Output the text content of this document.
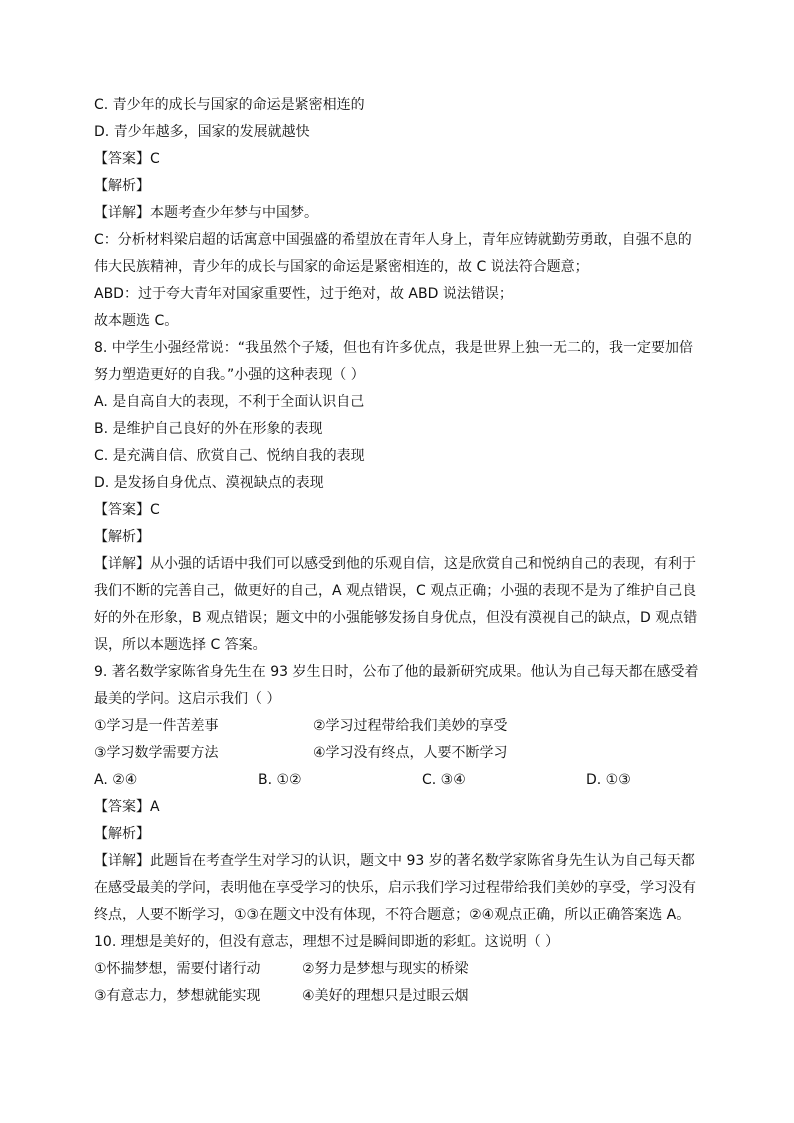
C. 青少年的成长与国家的命运是紧密相连的
D. 青少年越多，国家的发展就越快
【答案】C
【解析】
【详解】本题考查少年梦与中国梦。
C：分析材料梁启超的话寓意中国强盛的希望放在青年人身上，青年应铸就勤劳勇敢，自强不息的
伟大民族精神，青少年的成长与国家的命运是紧密相连的，故 C 说法符合题意；
ABD：过于夸大青年对国家重要性，过于绝对，故 ABD 说法错误；
故本题选 C。
8. 中学生小强经常说：“我虽然个子矮，但也有许多优点，我是世界上独一无二的，我一定要加倍
努力塑造更好的自我。”小强的这种表现（ ）
A. 是自高自大的表现，不利于全面认识自己
B. 是维护自己良好的外在形象的表现
C. 是充满自信、欣赏自己、悦纳自我的表现
D. 是发扬自身优点、漠视缺点的表现
【答案】C
【解析】
【详解】从小强的话语中我们可以感受到他的乐观自信，这是欣赏自己和悦纳自己的表现，有利于
我们不断的完善自己，做更好的自己，A 观点错误，C 观点正确；小强的表现不是为了维护自己良
好的外在形象，B 观点错误；题文中的小强能够发扬自身优点，但没有漠视自己的缺点，D 观点错
误，所以本题选择 C 答案。
9. 著名数学家陈省身先生在 93 岁生日时，公布了他的最新研究成果。他认为自己每天都在感受着
最美的学问。这启示我们（ ）
①学习是一件苦差事	②学习过程带给我们美妙的享受
③学习数学需要方法	④学习没有终点，人要不断学习
A. ②④	B. ①②	C. ③④	D. ①③
【答案】A
【解析】
【详解】此题旨在考查学生对学习的认识，题文中 93 岁的著名数学家陈省身先生认为自己每天都
在感受最美的学问，表明他在享受学习的快乐，启示我们学习过程带给我们美妙的享受，学习没有
终点，人要不断学习，①③在题文中没有体现，不符合题意；②④观点正确，所以正确答案选 A。
10. 理想是美好的，但没有意志，理想不过是瞬间即逝的彩虹。这说明（ ）
①怀揣梦想，需要付诸行动	②努力是梦想与现实的桥梁
③有意志力，梦想就能实现	④美好的理想只是过眼云烟
